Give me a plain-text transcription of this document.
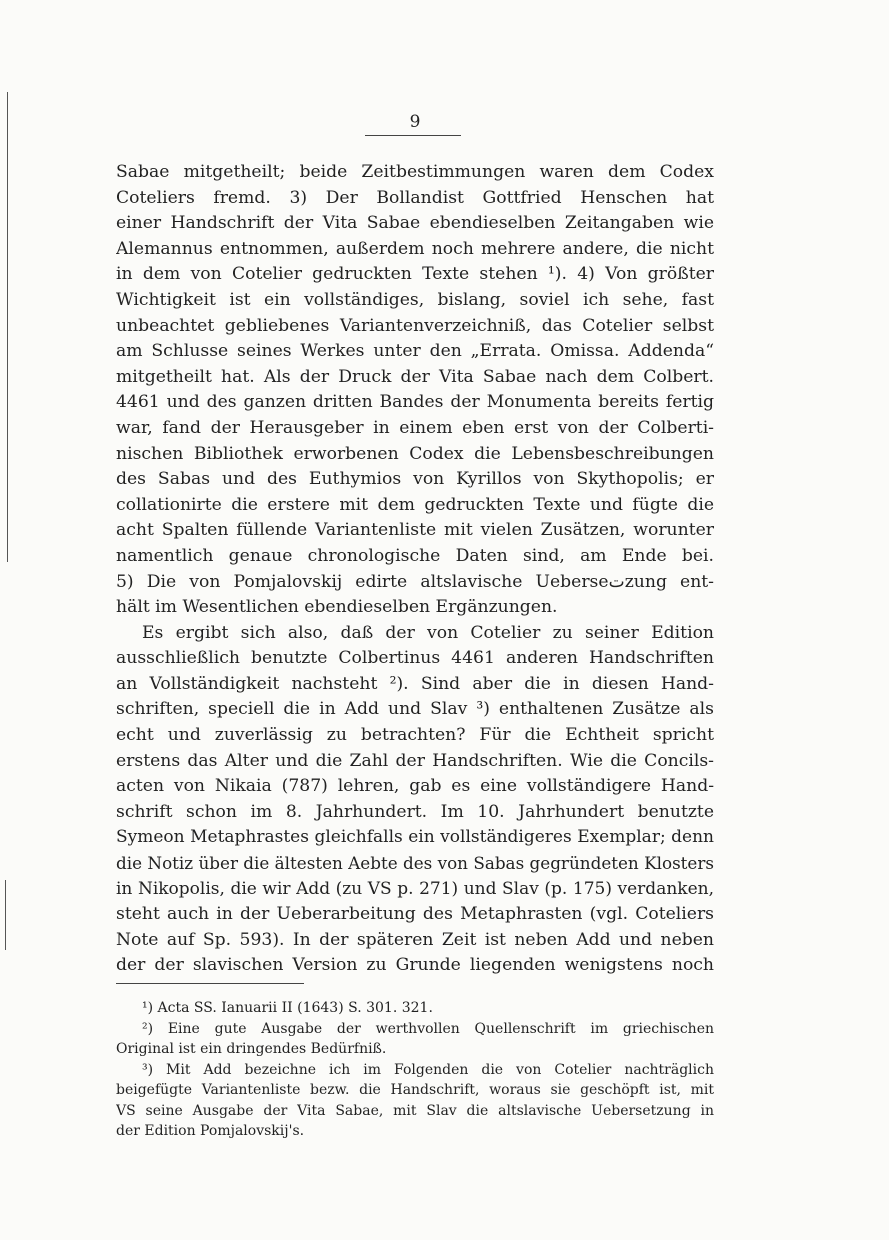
9
Sabae mitgetheilt; beide Zeitbestimmungen waren dem Codex
Coteliers fremd. 3) Der Bollandist Gottfried Henschen hat
einer Handschrift der Vita Sabae ebendieselben Zeitangaben wie
Alemannus entnommen, außerdem noch mehrere andere, die nicht
in dem von Cotelier gedruckten Texte stehen ¹). 4) Von größter
Wichtigkeit ist ein vollständiges, bislang, soviel ich sehe, fast
unbeachtet gebliebenes Variantenverzeichniß, das Cotelier selbst
am Schlusse seines Werkes unter den „Errata. Omissa. Addenda“
mitgetheilt hat. Als der Druck der Vita Sabae nach dem Colbert.
4461 und des ganzen dritten Bandes der Monumenta bereits fertig
war, fand der Herausgeber in einem eben erst von der Colberti-
nischen Bibliothek erworbenen Codex die Lebensbeschreibungen
des Sabas und des Euthymios von Kyrillos von Skythopolis; er
collationirte die erstere mit dem gedruckten Texte und fügte die
acht Spalten füllende Variantenliste mit vielen Zusätzen, worunter
namentlich genaue chronologische Daten sind, am Ende bei.
5) Die von Pomjalovskij edirte altslavische Ueberseتzung ent-
hält im Wesentlichen ebendieselben Ergänzungen.
Es ergibt sich also, daß der von Cotelier zu seiner Edition
ausschließlich benutzte Colbertinus 4461 anderen Handschriften
an Vollständigkeit nachsteht ²). Sind aber die in diesen Hand-
schriften, speciell die in Add und Slav ³) enthaltenen Zusätze als
echt und zuverlässig zu betrachten? Für die Echtheit spricht
erstens das Alter und die Zahl der Handschriften. Wie die Concils-
acten von Nikaia (787) lehren, gab es eine vollständigere Hand-
schrift schon im 8. Jahrhundert. Im 10. Jahrhundert benutzte
Symeon Metaphrastes gleichfalls ein vollständigeres Exemplar; denn
die Notiz über die ältesten Aebte des von Sabas gegründeten Klosters
in Nikopolis, die wir Add (zu VS p. 271) und Slav (p. 175) verdanken,
steht auch in der Ueberarbeitung des Metaphrasten (vgl. Coteliers
Note auf Sp. 593). In der späteren Zeit ist neben Add und neben
der der slavischen Version zu Grunde liegenden wenigstens noch
¹) Acta SS. Ianuarii II (1643) S. 301. 321.
²) Eine gute Ausgabe der werthvollen Quellenschrift im griechischen
Original ist ein dringendes Bedürfniß.
³) Mit Add bezeichne ich im Folgenden die von Cotelier nachträglich
beigefügte Variantenliste bezw. die Handschrift, woraus sie geschöpft ist, mit
VS seine Ausgabe der Vita Sabae, mit Slav die altslavische Uebersetzung in
der Edition Pomjalovskij's.
